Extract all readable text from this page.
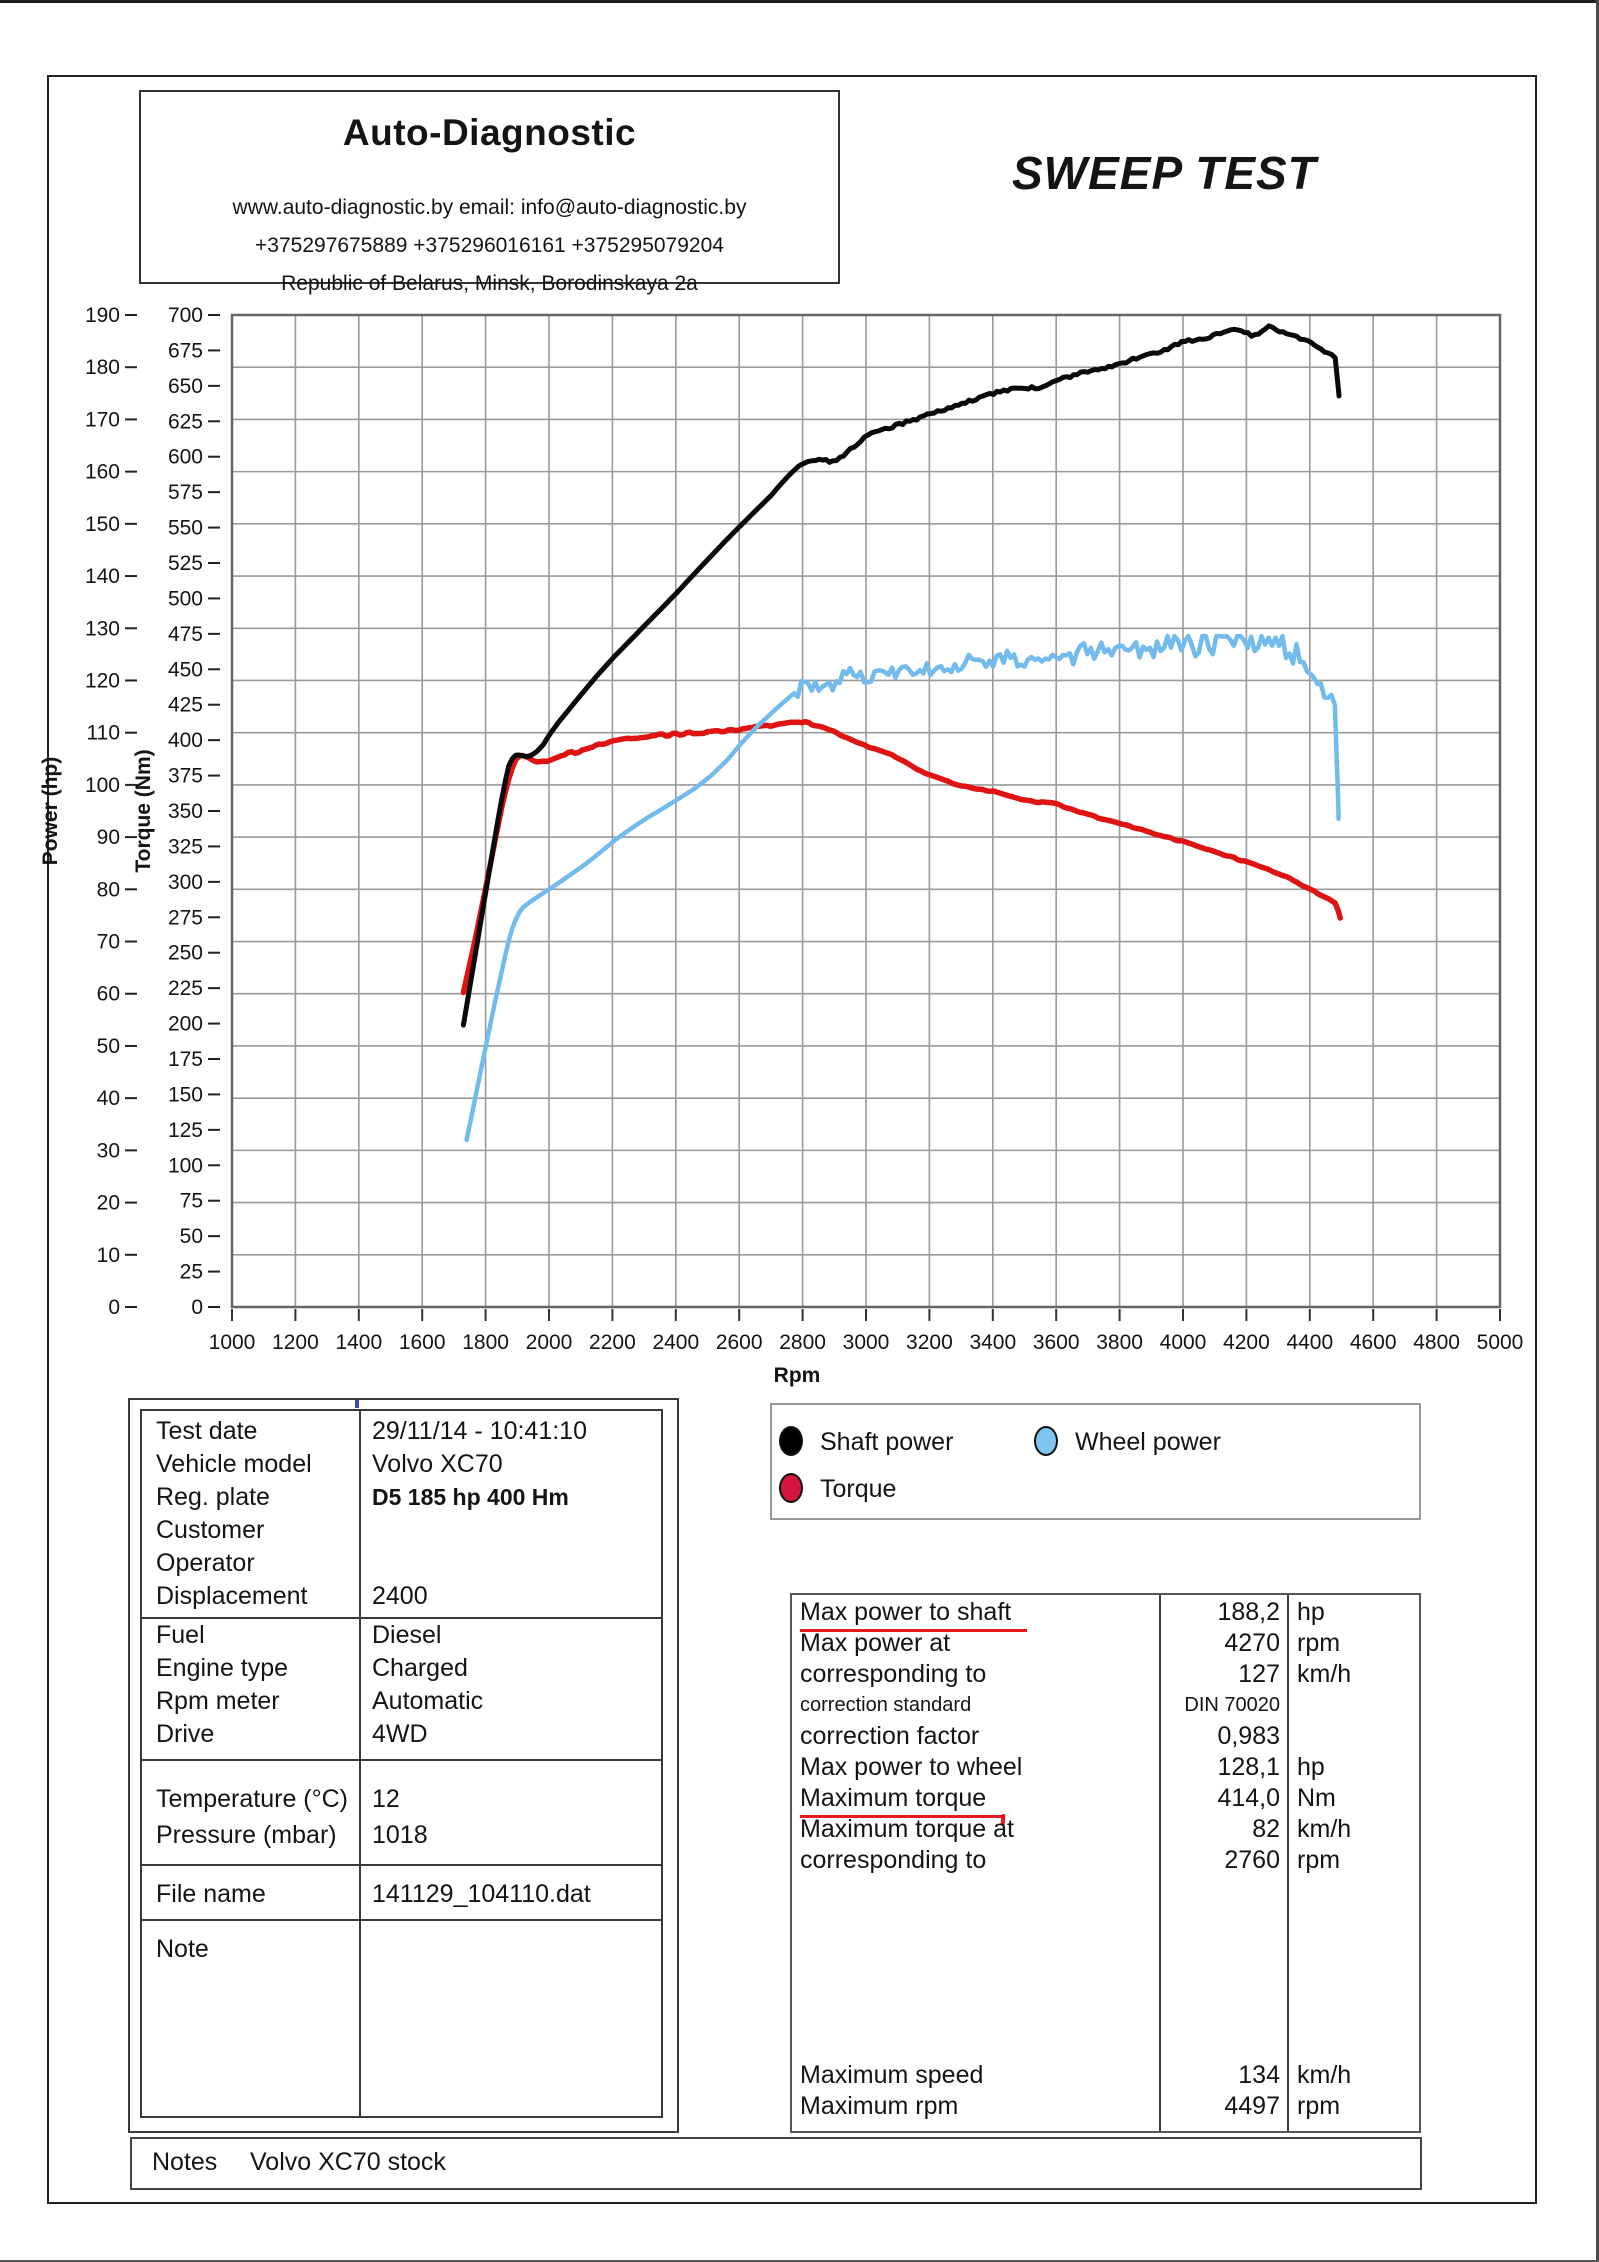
Auto-Diagnostic
www.auto-diagnostic.by email: info@auto-diagnostic.by
+375297675889 +375296016161 +375295079204
Republic of Belarus, Minsk, Borodinskaya 2a
SWEEP TEST
1000 1200 1400 1600 1800 2000 2200 2400 2600 2800 3000 3200 3400 3600 3800 4000 4200 4400 4600 4800 5000
0
10
20
30
40
50
60
70
80
90
100
110
120
130
140
150
160
170
180
190
0
25
50
75
100
125
150
175
200
225
250
275
300
325
350
375
400
425
450
475
500
525
550
575
600
625
650
675
700
Power (hp)	Torque (Nm)
Rpm
Test date	29/11/14 - 10:41:10
Vehicle model Volvo XC70
Reg. plate	D5 185 hp 400 Hm
Customer
Operator
Displacement	2400
Fuel	Diesel
Engine type	Charged
Rpm meter	Automatic
Drive	4WD
Temperature (°C) 12
Pressure (mbar) 1018
File name	141129_104110.dat
Note
Shaft power	Wheel power
Torque
Max power to shaft	188,2 hp
Max power at	4270 rpm
corresponding to	127 km/h
correction standard	DIN 70020
correction factor	0,983
Max power to wheel	128,1 hp
Maximum torque	414,0 Nm
Maximum torque at	82 km/h
corresponding to	2760 rpm
Maximum speed	134 km/h
Maximum rpm	4497 rpm
Notes Volvo XC70 stock
